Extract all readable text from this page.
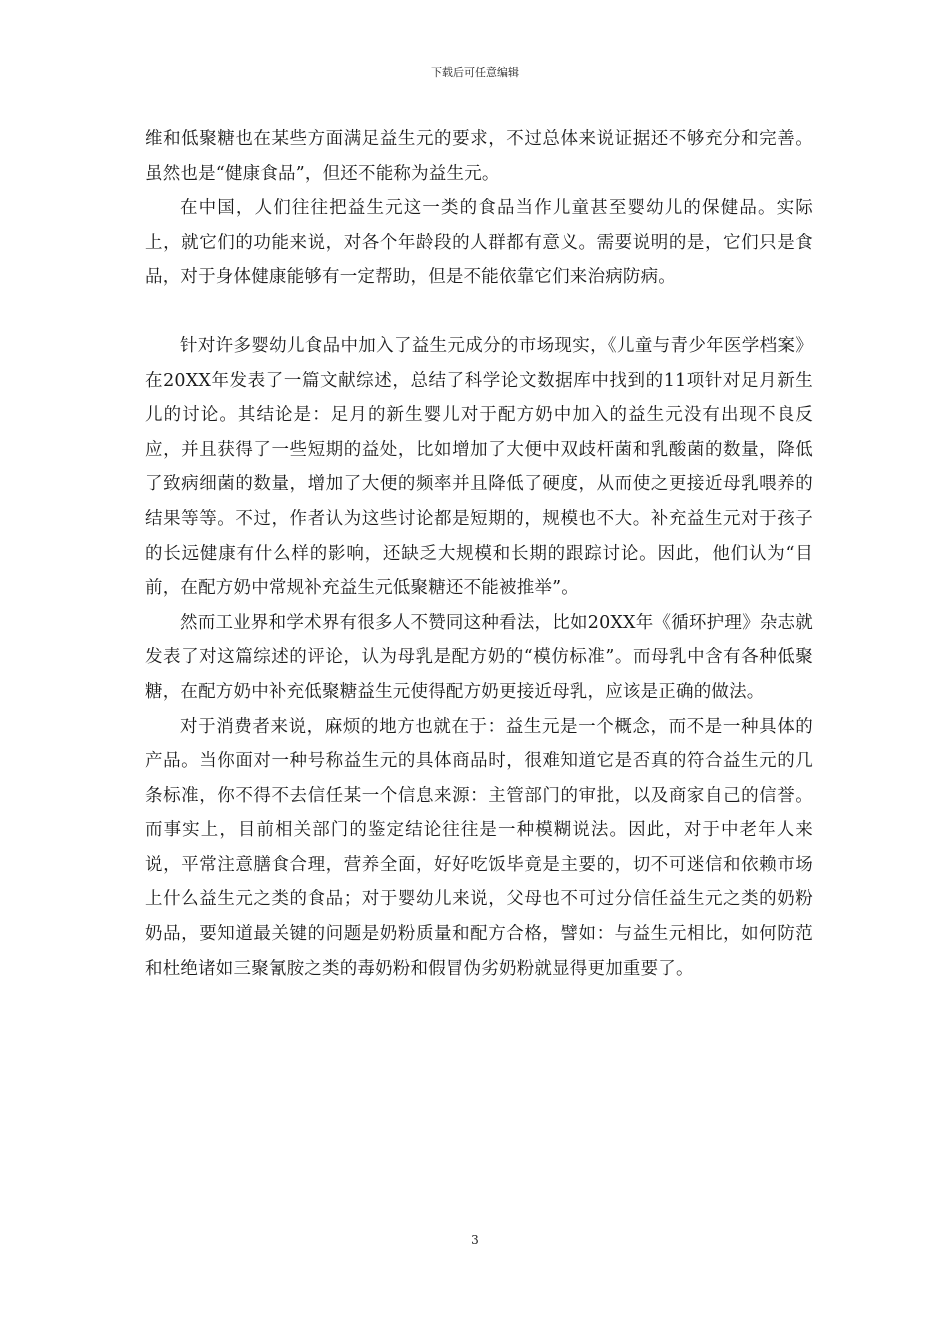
下载后可任意编辑

维和低聚糖也在某些方面满足益生元的要求，不过总体来说证据还不够充分和完善。虽然也是“健康食品”，但还不能称为益生元。

在中国，人们往往把益生元这一类的食品当作儿童甚至婴幼儿的保健品。实际上，就它们的功能来说，对各个年龄段的人群都有意义。需要说明的是，它们只是食品，对于身体健康能够有一定帮助，但是不能依靠它们来治病防病。

针对许多婴幼儿食品中加入了益生元成分的市场现实，《儿童与青少年医学档案》在20XX年发表了一篇文献综述，总结了科学论文数据库中找到的11项针对足月新生儿的讨论。其结论是：足月的新生婴儿对于配方奶中加入的益生元没有出现不良反应，并且获得了一些短期的益处，比如增加了大便中双歧杆菌和乳酸菌的数量，降低了致病细菌的数量，增加了大便的频率并且降低了硬度，从而使之更接近母乳喂养的结果等等。不过，作者认为这些讨论都是短期的，规模也不大。补充益生元对于孩子的长远健康有什么样的影响，还缺乏大规模和长期的跟踪讨论。因此，他们认为“目前，在配方奶中常规补充益生元低聚糖还不能被推举”。

然而工业界和学术界有很多人不赞同这种看法，比如20XX年《循环护理》杂志就发表了对这篇综述的评论，认为母乳是配方奶的“模仿标准”。而母乳中含有各种低聚糖，在配方奶中补充低聚糖益生元使得配方奶更接近母乳，应该是正确的做法。

对于消费者来说，麻烦的地方也就在于：益生元是一个概念，而不是一种具体的产品。当你面对一种号称益生元的具体商品时，很难知道它是否真的符合益生元的几条标准，你不得不去信任某一个信息来源：主管部门的审批，以及商家自己的信誉。而事实上，目前相关部门的鉴定结论往往是一种模糊说法。因此，对于中老年人来说，平常注意膳食合理，营养全面，好好吃饭毕竟是主要的，切不可迷信和依赖市场上什么益生元之类的食品；对于婴幼儿来说，父母也不可过分信任益生元之类的奶粉奶品，要知道最关键的问题是奶粉质量和配方合格，譬如：与益生元相比，如何防范和杜绝诸如三聚氰胺之类的毒奶粉和假冒伪劣奶粉就显得更加重要了。

3
